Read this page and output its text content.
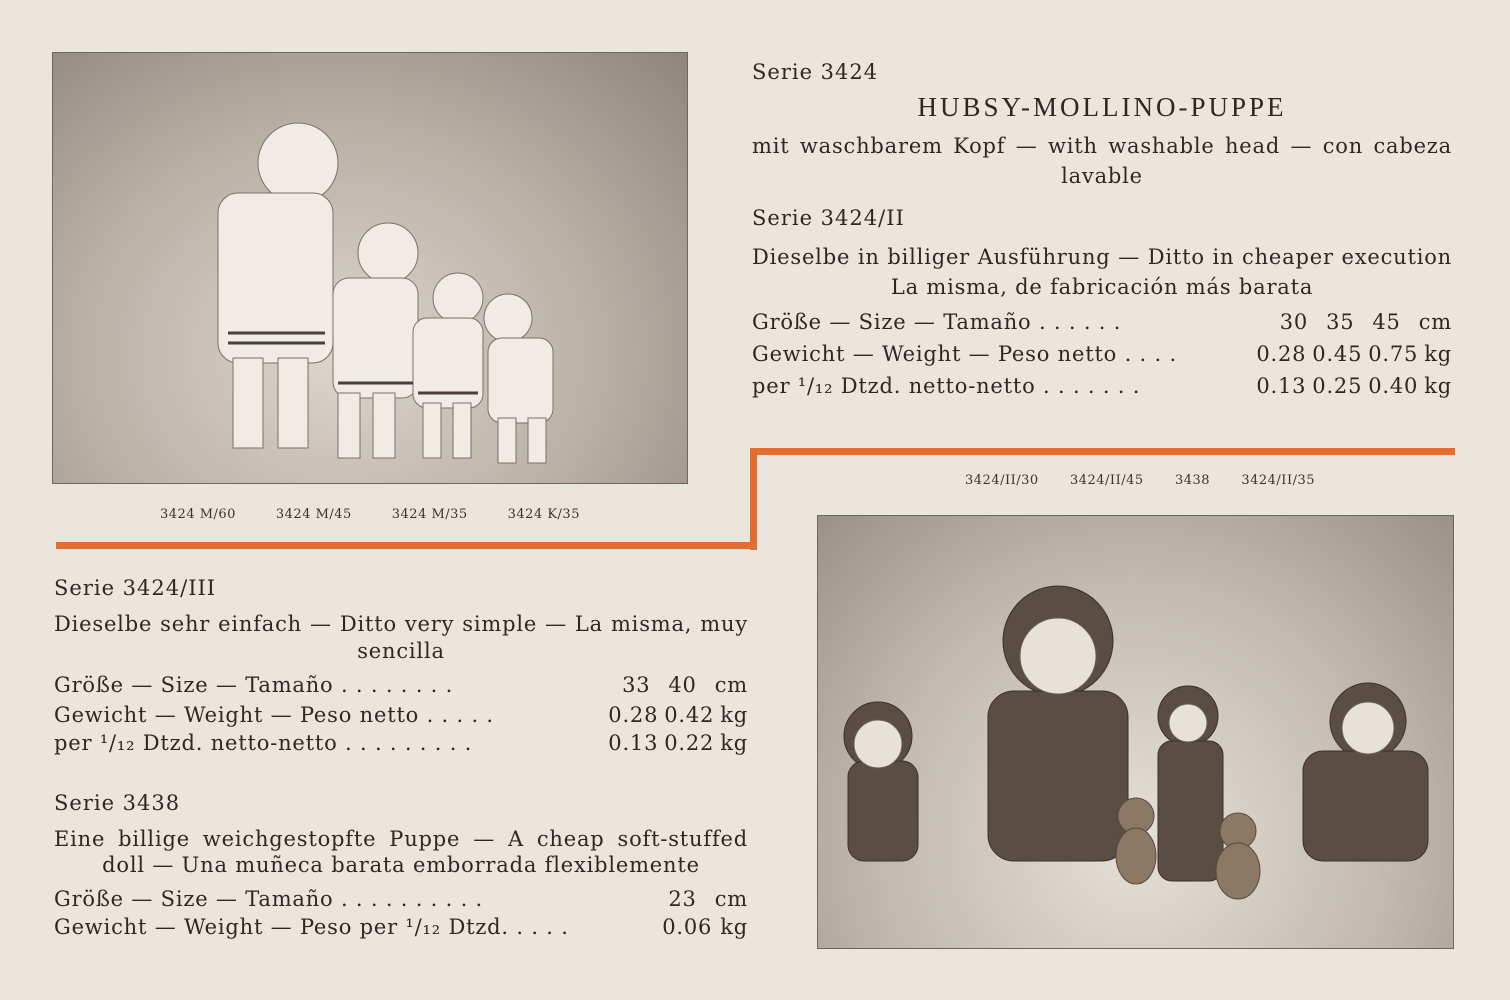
3424 M/60	3424 M/45	3424 M/35	3424 K/35
Serie 3424
HUBSY-MOLLINO-PUPPE
mit waschbarem Kopf — with washable head — con cabeza
lavable
Serie 3424/II
Dieselbe in billiger Ausführung — Ditto in cheaper execution
La misma, de fabricación más barata
Größe — Size — Tamaño . . . . . .	30 35 45 cm
Gewicht — Weight — Peso netto . . . .	0.28 0.45 0.75 kg
per ¹/₁₂ Dtzd. netto-netto . . . . . . .	0.13 0.25 0.40 kg
3424/II/30 3424/II/45 3438 3424/II/35
Serie 3424/III
Dieselbe sehr einfach — Ditto very simple — La misma, muy
sencilla
Größe — Size — Tamaño . . . . . . . .	33 40 cm
Gewicht — Weight — Peso netto . . . . .	0.28 0.42 kg
per ¹/₁₂ Dtzd. netto-netto . . . . . . . . .	0.13 0.22 kg
Serie 3438
Eine billige weichgestopfte Puppe — A cheap soft-stuffed
doll — Una muñeca barata emborrada flexiblemente
Größe — Size — Tamaño . . . . . . . . . .	23 cm
Gewicht — Weight — Peso per ¹/₁₂ Dtzd. . . . .	0.06 kg
